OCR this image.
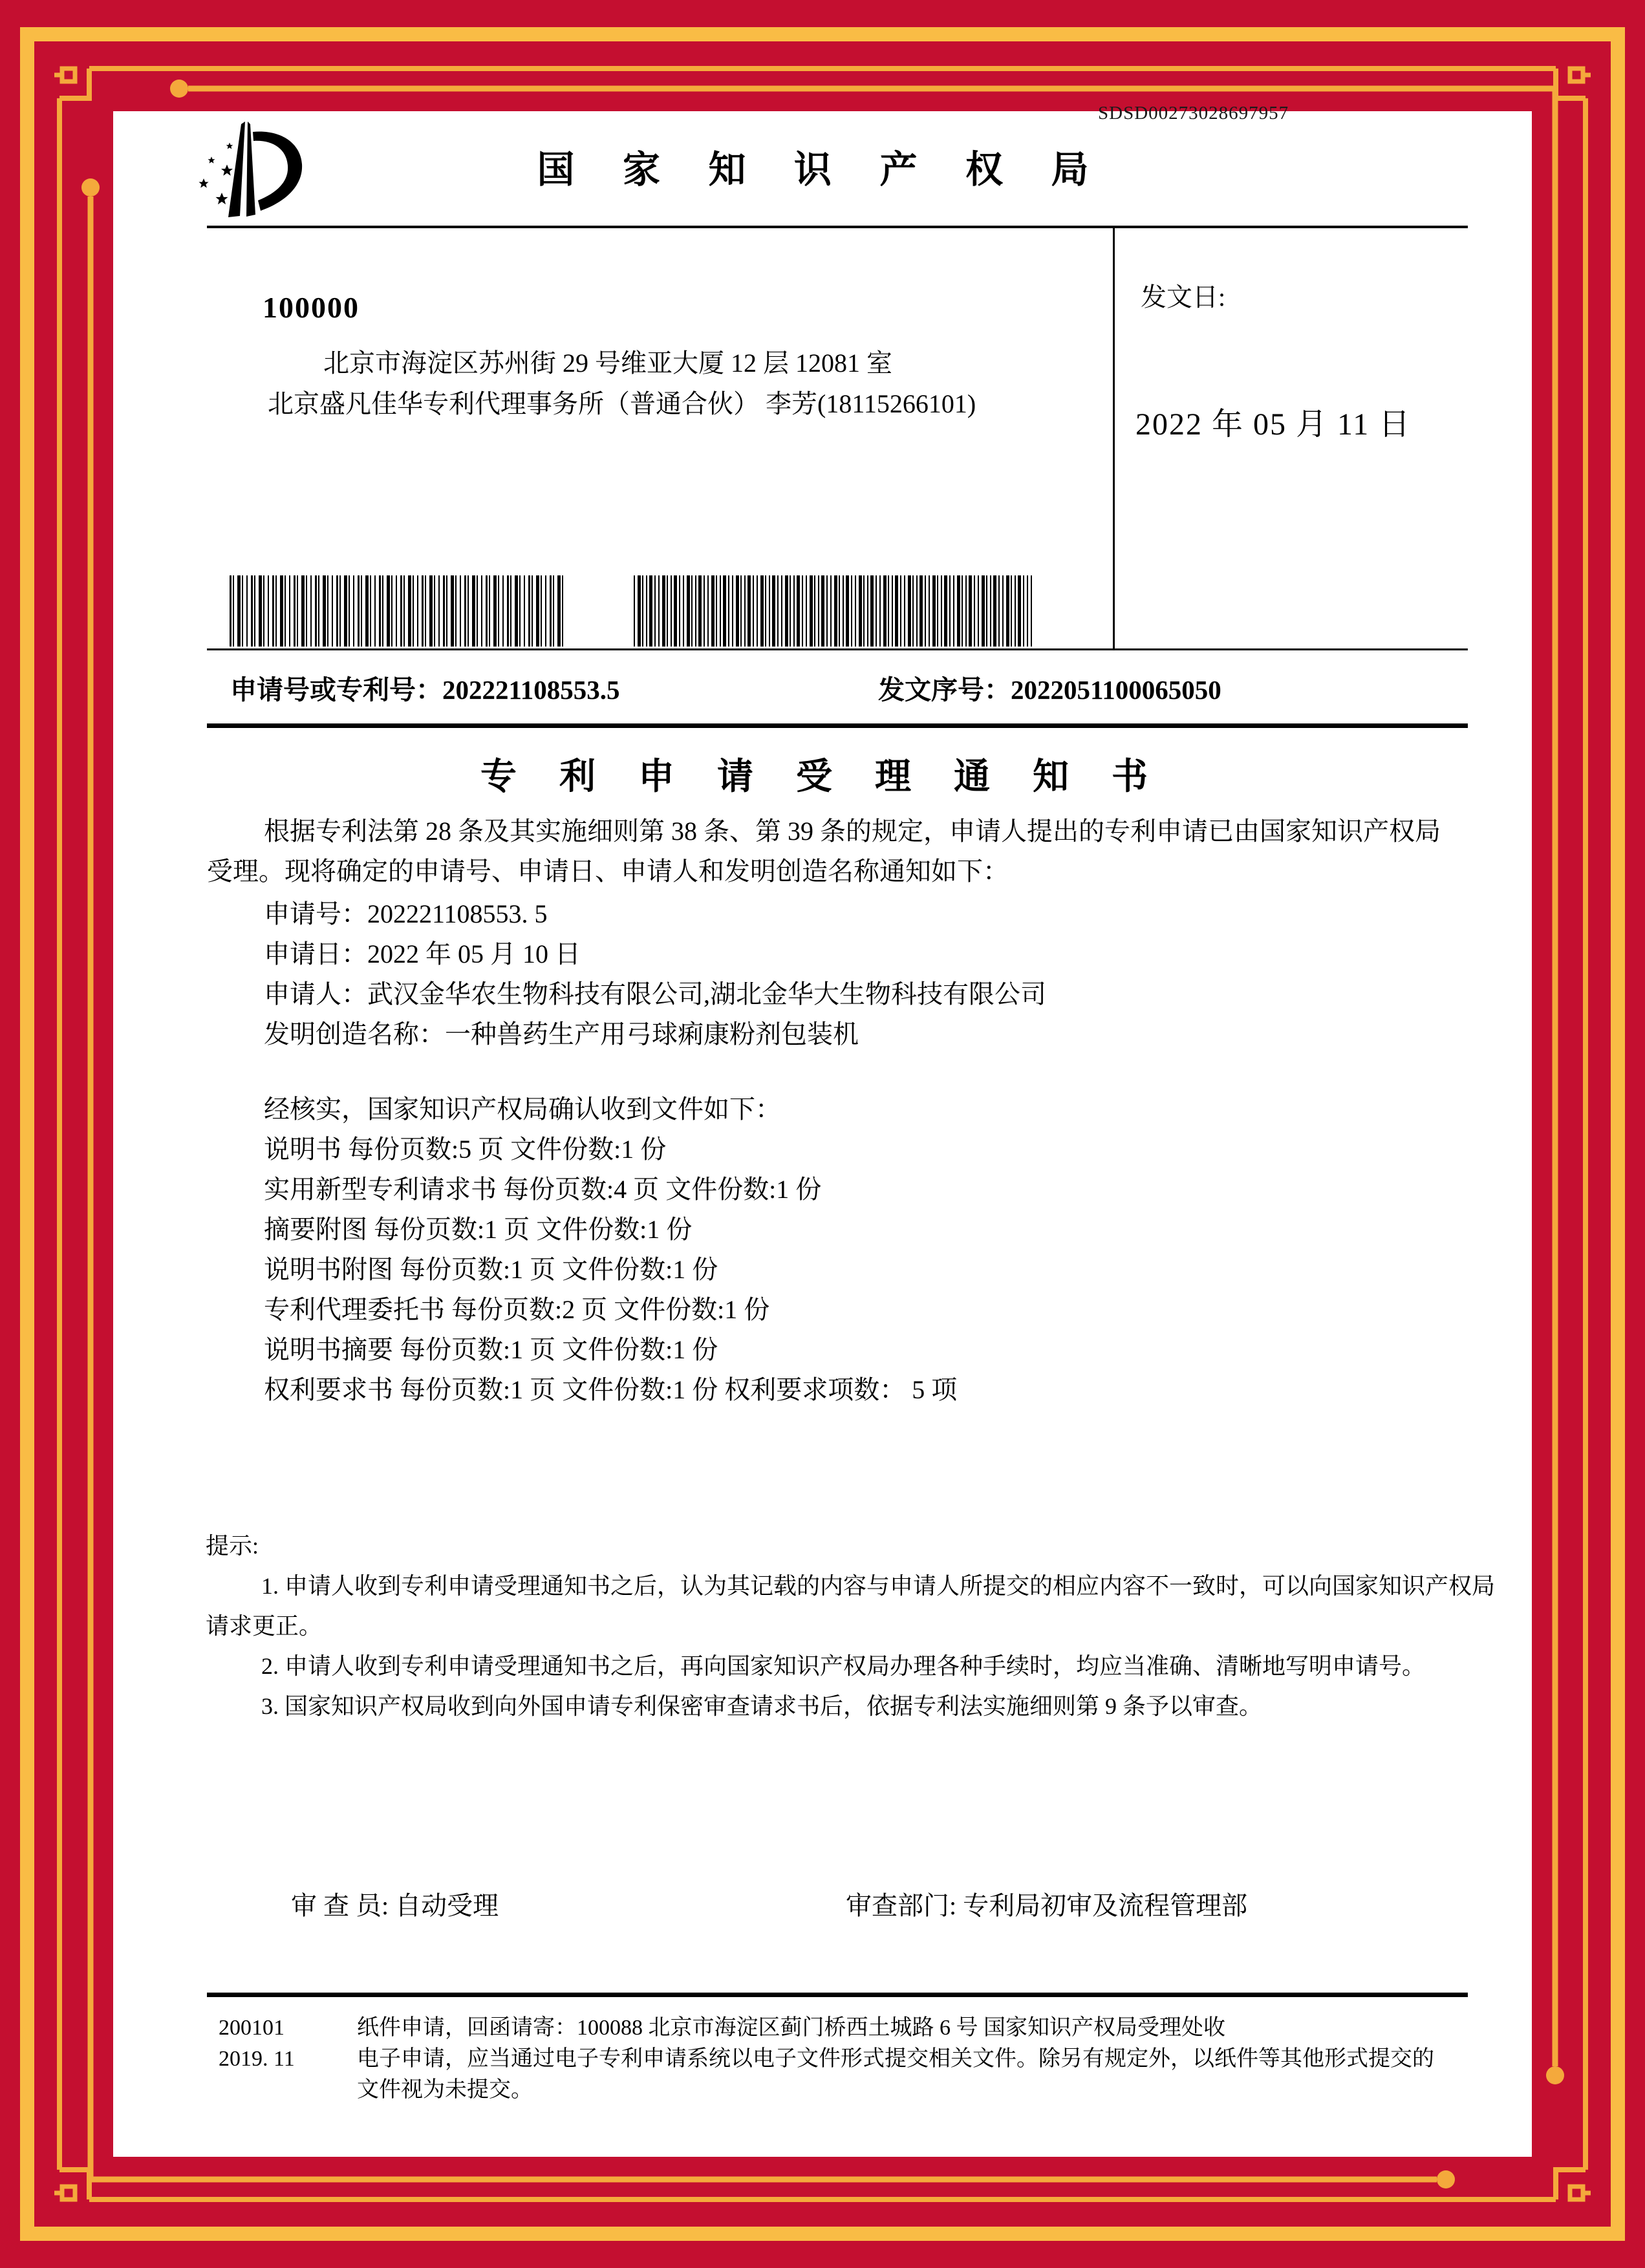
SDSD00273028697957
国 家 知 识 产 权 局
100000
北京市海淀区苏州街 29 号维亚大厦 12 层 12081 室
北京盛凡佳华专利代理事务所（普通合伙） 李芳(18115266101)
发文日:
2022 年 05 月 11 日
申请号或专利号：202221108553.5	发文序号：2022051100065050
专 利 申 请 受 理 通 知 书
根据专利法第 28 条及其实施细则第 38 条、第 39 条的规定，申请人提出的专利申请已由国家知识产权局
受理。现将确定的申请号、申请日、申请人和发明创造名称通知如下：
申请号：202221108553. 5
申请日：2022 年 05 月 10 日
申请人：武汉金华农生物科技有限公司,湖北金华大生物科技有限公司
发明创造名称：一种兽药生产用弓球痢康粉剂包装机
经核实，国家知识产权局确认收到文件如下：
说明书 每份页数:5 页 文件份数:1 份
实用新型专利请求书 每份页数:4 页 文件份数:1 份
摘要附图 每份页数:1 页 文件份数:1 份
说明书附图 每份页数:1 页 文件份数:1 份
专利代理委托书 每份页数:2 页 文件份数:1 份
说明书摘要 每份页数:1 页 文件份数:1 份
权利要求书 每份页数:1 页 文件份数:1 份 权利要求项数： 5 项
提示:
1. 申请人收到专利申请受理通知书之后，认为其记载的内容与申请人所提交的相应内容不一致时，可以向国家知识产权局
请求更正。
2. 申请人收到专利申请受理通知书之后，再向国家知识产权局办理各种手续时，均应当准确、清晰地写明申请号。
3. 国家知识产权局收到向外国申请专利保密审查请求书后，依据专利法实施细则第 9 条予以审查。
审 查 员: 自动受理	审查部门: 专利局初审及流程管理部
200101
2019. 11
纸件申请，回函请寄：100088 北京市海淀区蓟门桥西土城路 6 号 国家知识产权局受理处收
电子申请，应当通过电子专利申请系统以电子文件形式提交相关文件。除另有规定外，以纸件等其他形式提交的
文件视为未提交。
